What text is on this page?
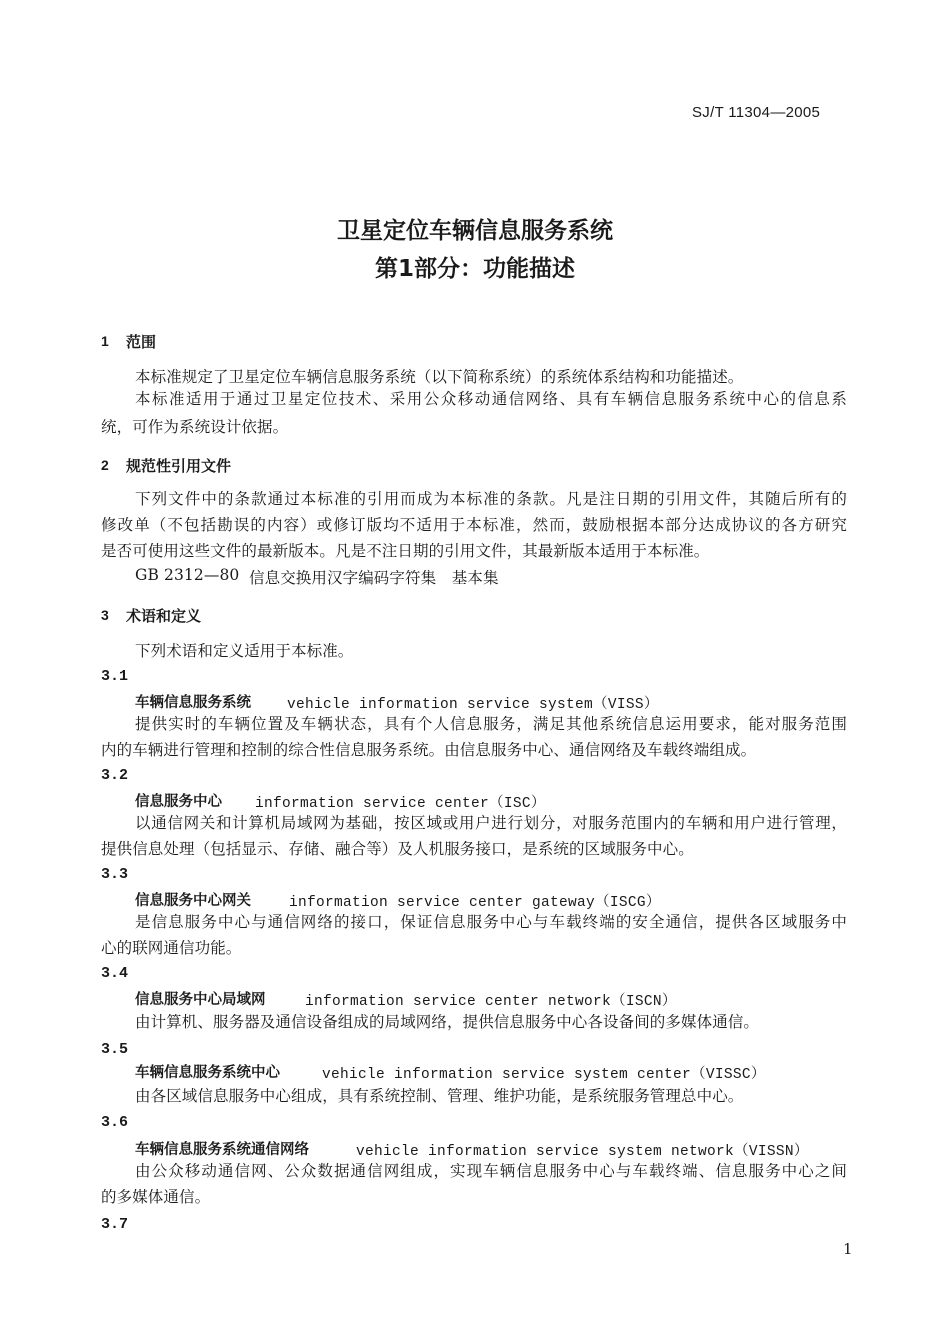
SJ/T 11304—2005
卫星定位车辆信息服务系统
第1部分：功能描述
1 范围
本标准规定了卫星定位车辆信息服务系统（以下简称系统）的系统体系结构和功能描述。
本标准适用于通过卫星定位技术、采用公众移动通信网络、具有车辆信息服务系统中心的信息系
统，可作为系统设计依据。
2 规范性引用文件
下列文件中的条款通过本标准的引用而成为本标准的条款。凡是注日期的引用文件，其随后所有的
修改单（不包括勘误的内容）或修订版均不适用于本标准，然而，鼓励根据本部分达成协议的各方研究
是否可使用这些文件的最新版本。凡是不注日期的引用文件，其最新版本适用于本标准。
GB 2312—80 信息交换用汉字编码字符集　基本集
3 术语和定义
下列术语和定义适用于本标准。
3.1
车辆信息服务系统 vehicle information service system（VISS）
提供实时的车辆位置及车辆状态，具有个人信息服务，满足其他系统信息运用要求，能对服务范围
内的车辆进行管理和控制的综合性信息服务系统。由信息服务中心、通信网络及车载终端组成。
3.2
信息服务中心 information service center（ISC）
以通信网关和计算机局域网为基础，按区域或用户进行划分，对服务范围内的车辆和用户进行管理，
提供信息处理（包括显示、存储、融合等）及人机服务接口，是系统的区域服务中心。
3.3
信息服务中心网关	information service center gateway（ISCG）
是信息服务中心与通信网络的接口，保证信息服务中心与车载终端的安全通信，提供各区域服务中
心的联网通信功能。
3.4
信息服务中心局域网	information service center network（ISCN）
由计算机、服务器及通信设备组成的局域网络，提供信息服务中心各设备间的多媒体通信。
3.5
车辆信息服务系统中心	vehicle information service system center（VISSC）
由各区域信息服务中心组成，具有系统控制、管理、维护功能，是系统服务管理总中心。
3.6
车辆信息服务系统通信网络	vehicle information service system network（VISSN）
由公众移动通信网、公众数据通信网组成，实现车辆信息服务中心与车载终端、信息服务中心之间
的多媒体通信。
3.7
1
